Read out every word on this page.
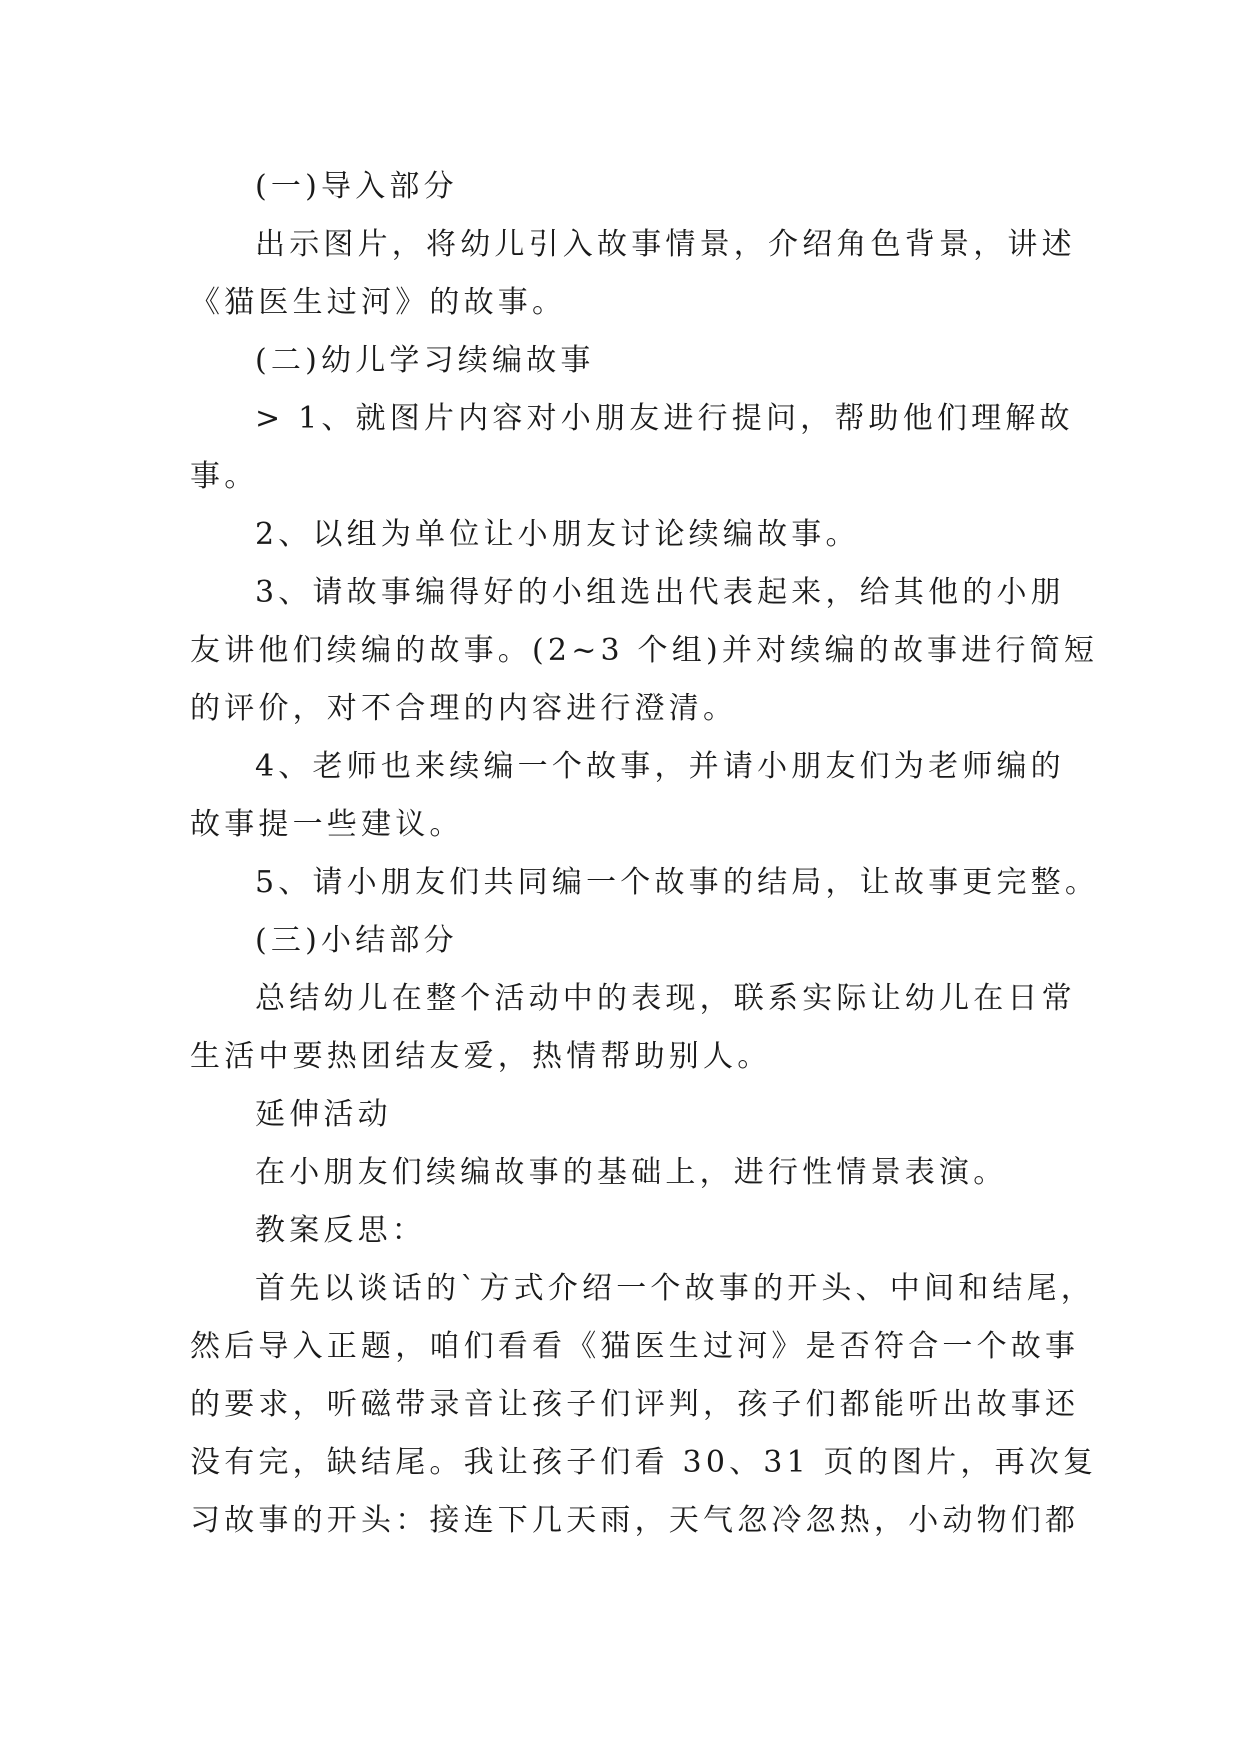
(一)导入部分

出示图片，将幼儿引入故事情景，介绍角色背景，讲述

《猫医生过河》的故事。

(二)幼儿学习续编故事

> 1、就图片内容对小朋友进行提问，帮助他们理解故

事。

2、以组为单位让小朋友讨论续编故事。

3、请故事编得好的小组选出代表起来，给其他的小朋

友讲他们续编的故事。(2~3 个组)并对续编的故事进行简短

的评价，对不合理的内容进行澄清。

4、老师也来续编一个故事，并请小朋友们为老师编的

故事提一些建议。

5、请小朋友们共同编一个故事的结局，让故事更完整。

(三)小结部分

总结幼儿在整个活动中的表现，联系实际让幼儿在日常

生活中要热团结友爱，热情帮助别人。

延伸活动

在小朋友们续编故事的基础上，进行性情景表演。

教案反思：

首先以谈话的`方式介绍一个故事的开头、中间和结尾，

然后导入正题，咱们看看《猫医生过河》是否符合一个故事

的要求，听磁带录音让孩子们评判，孩子们都能听出故事还

没有完，缺结尾。我让孩子们看 30、31 页的图片，再次复

习故事的开头：接连下几天雨，天气忽冷忽热，小动物们都
